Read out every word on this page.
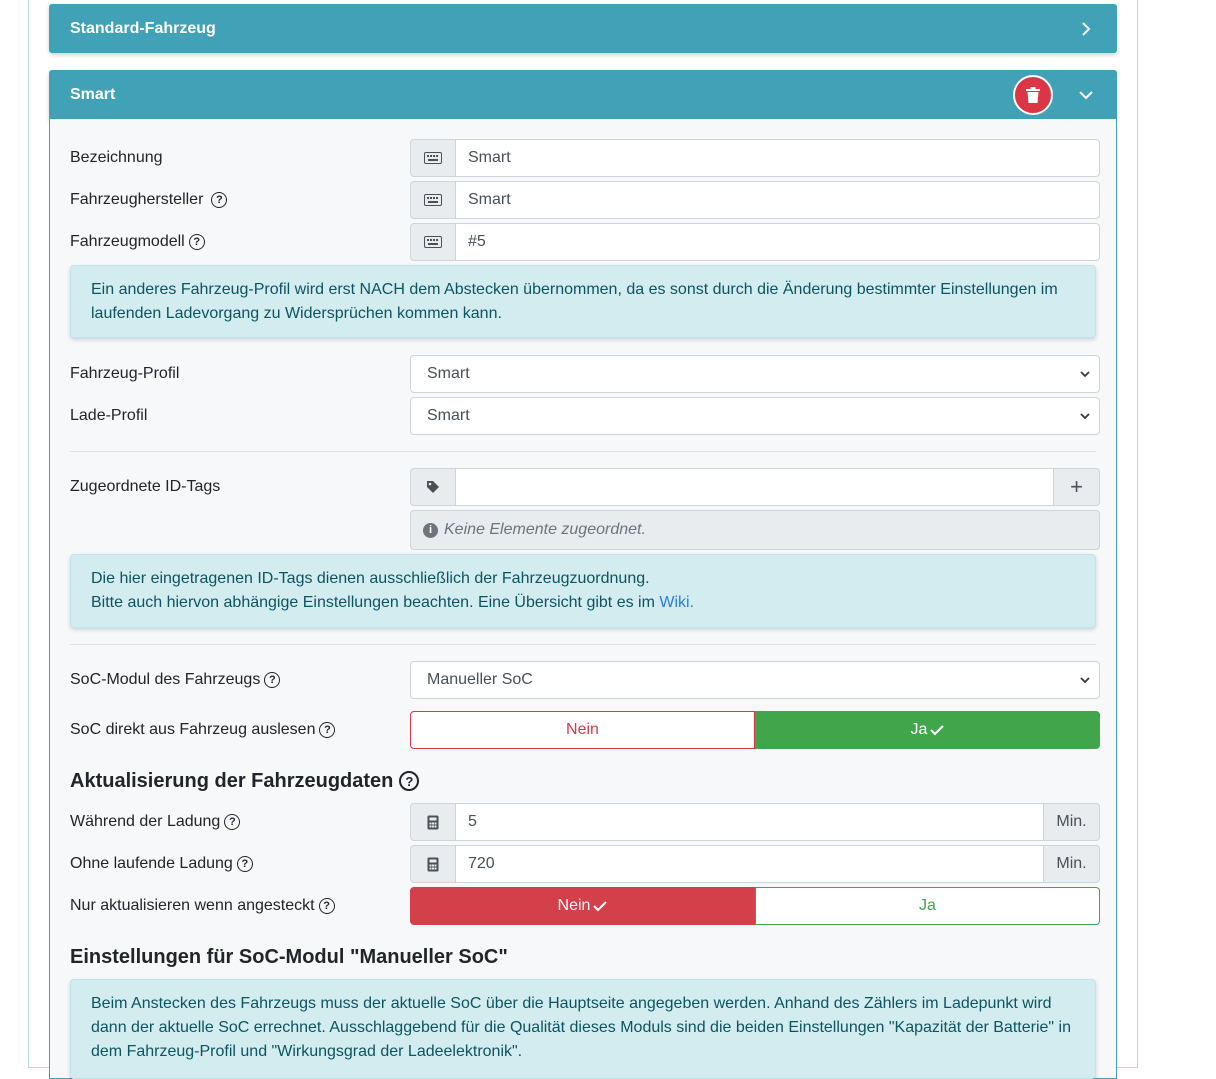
Standard-Fahrzeug
Smart
Bezeichnung	Smart
Fahrzeughersteller	?	Smart
Fahrzeugmodell ?	#5
Ein anderes Fahrzeug-Profil wird erst NACH dem Abstecken übernommen, da es sonst durch die Änderung bestimmter Einstellungen im laufenden Ladevorgang zu Widersprüchen kommen kann.
Fahrzeug-Profil	Smart
Lade-Profil	Smart
Zugeordnete ID-Tags	+
i Keine Elemente zugeordnet.
Die hier eingetragenen ID-Tags dienen ausschließlich der Fahrzeugzuordnung.
Bitte auch hiervon abhängige Einstellungen beachten. Eine Übersicht gibt es im Wiki.
SoC-Modul des Fahrzeugs ?	Manueller SoC
SoC direkt aus Fahrzeug auslesen ?	Nein	Ja
Aktualisierung der Fahrzeugdaten ?
Während der Ladung ?	5	Min.
Ohne laufende Ladung ?	720	Min.
Nur aktualisieren wenn angesteckt ?	Nein	Ja
Einstellungen für SoC-Modul "Manueller SoC"
Beim Anstecken des Fahrzeugs muss der aktuelle SoC über die Hauptseite angegeben werden. Anhand des Zählers im Ladepunkt wird dann der aktuelle SoC errechnet. Ausschlaggebend für die Qualität dieses Moduls sind die beiden Einstellungen "Kapazität der Batterie" in dem Fahrzeug-Profil und "Wirkungsgrad der Ladeelektronik".
